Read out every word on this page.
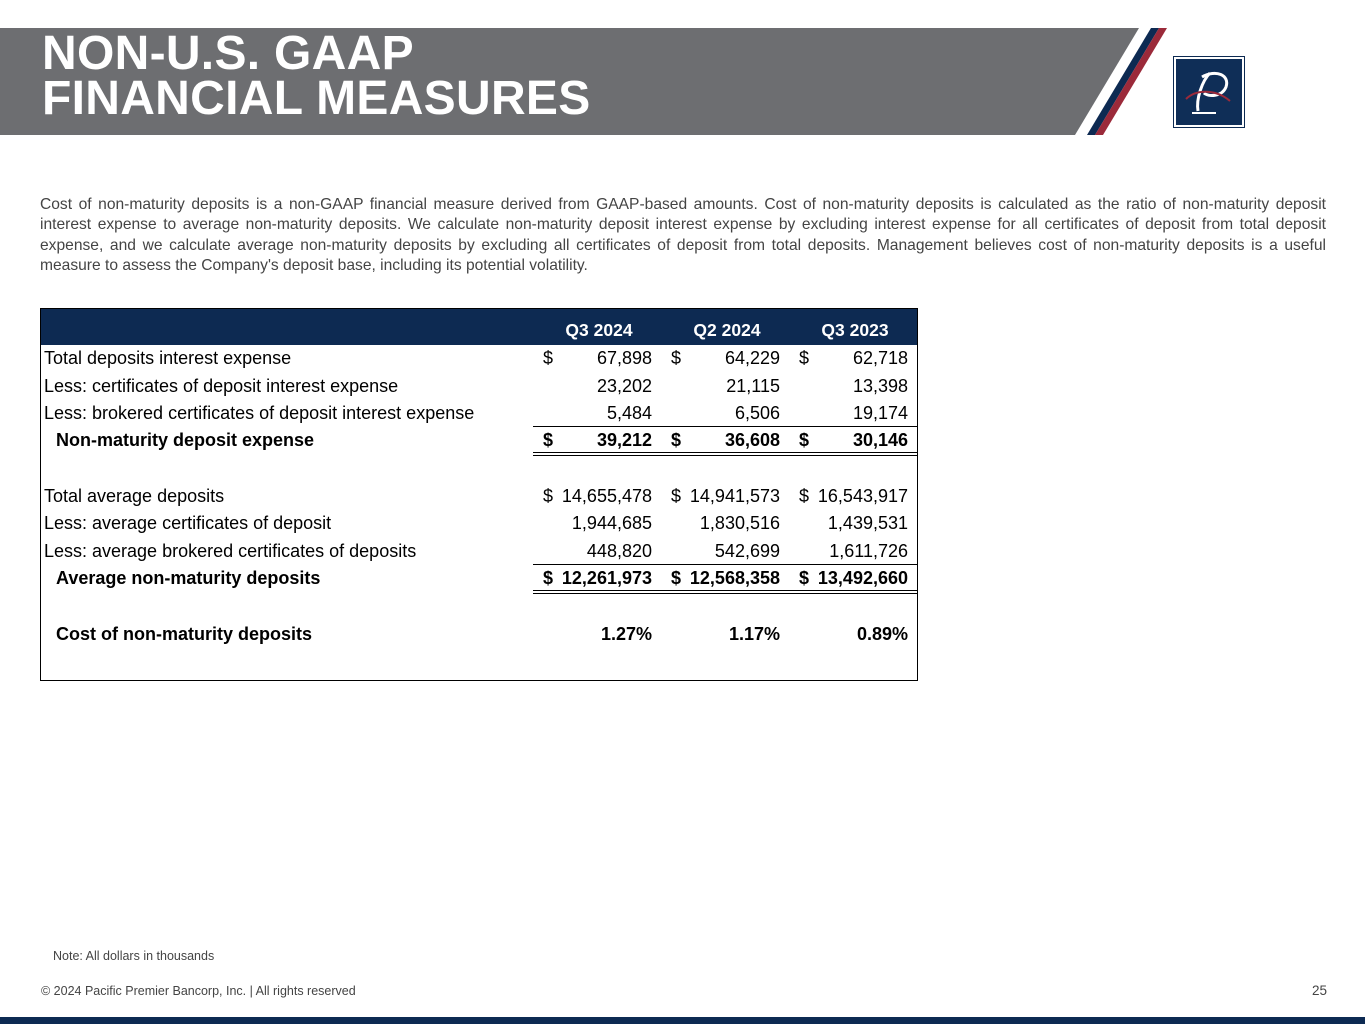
NON-U.S. GAAP
FINANCIAL MEASURES

Cost of non-maturity deposits is a non-GAAP financial measure derived from GAAP-based amounts. Cost of non-maturity deposits is calculated as the ratio of non-maturity deposit interest expense to average non-maturity deposits. We calculate non-maturity deposit interest expense by excluding interest expense for all certificates of deposit from total deposit expense, and we calculate average non-maturity deposits by excluding all certificates of deposit from total deposits. Management believes cost of non-maturity deposits is a useful measure to assess the Company's deposit base, including its potential volatility.

Q3 2024	Q2 2024	Q3 2023
Total deposits interest expense	$ 67,898 $ 64,229 $ 62,718
Less: certificates of deposit interest expense	23,202	21,115	13,398
Less: brokered certificates of deposit interest expense	5,484	6,506	19,174
Non-maturity deposit expense	$ 39,212 $ 36,608 $ 30,146
Total average deposits	$ 14,655,478 $ 14,941,573 $ 16,543,917
Less: average certificates of deposit	1,944,685	1,830,516	1,439,531
Less: average brokered certificates of deposits	448,820	542,699	1,611,726
Average non-maturity deposits	$ 12,261,973 $ 12,568,358 $ 13,492,660
Cost of non-maturity deposits	1.27%	1.17%	0.89%
Note: All dollars in thousands
© 2024 Pacific Premier Bancorp, Inc. | All rights reserved	25
